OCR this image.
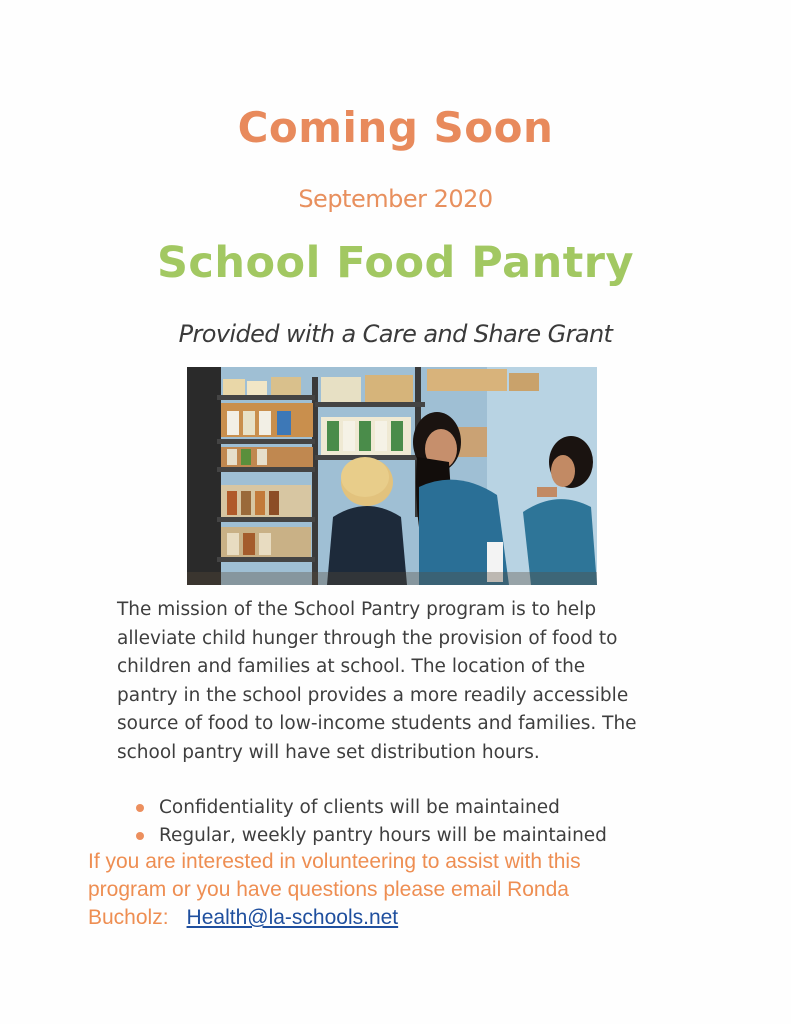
Coming Soon
September 2020
School Food Pantry
Provided with a Care and Share Grant
The mission of the School Pantry program is to help
alleviate child hunger through the provision of food to
children and families at school. The location of the
pantry in the school provides a more readily accessible
source of food to low-income students and families. The
school pantry will have set distribution hours.
Confidentiality of clients will be maintained
Regular, weekly pantry hours will be maintained
If you are interested in volunteering to assist with this
program or you have questions please email Ronda
Bucholz: Health@la-schools.net
